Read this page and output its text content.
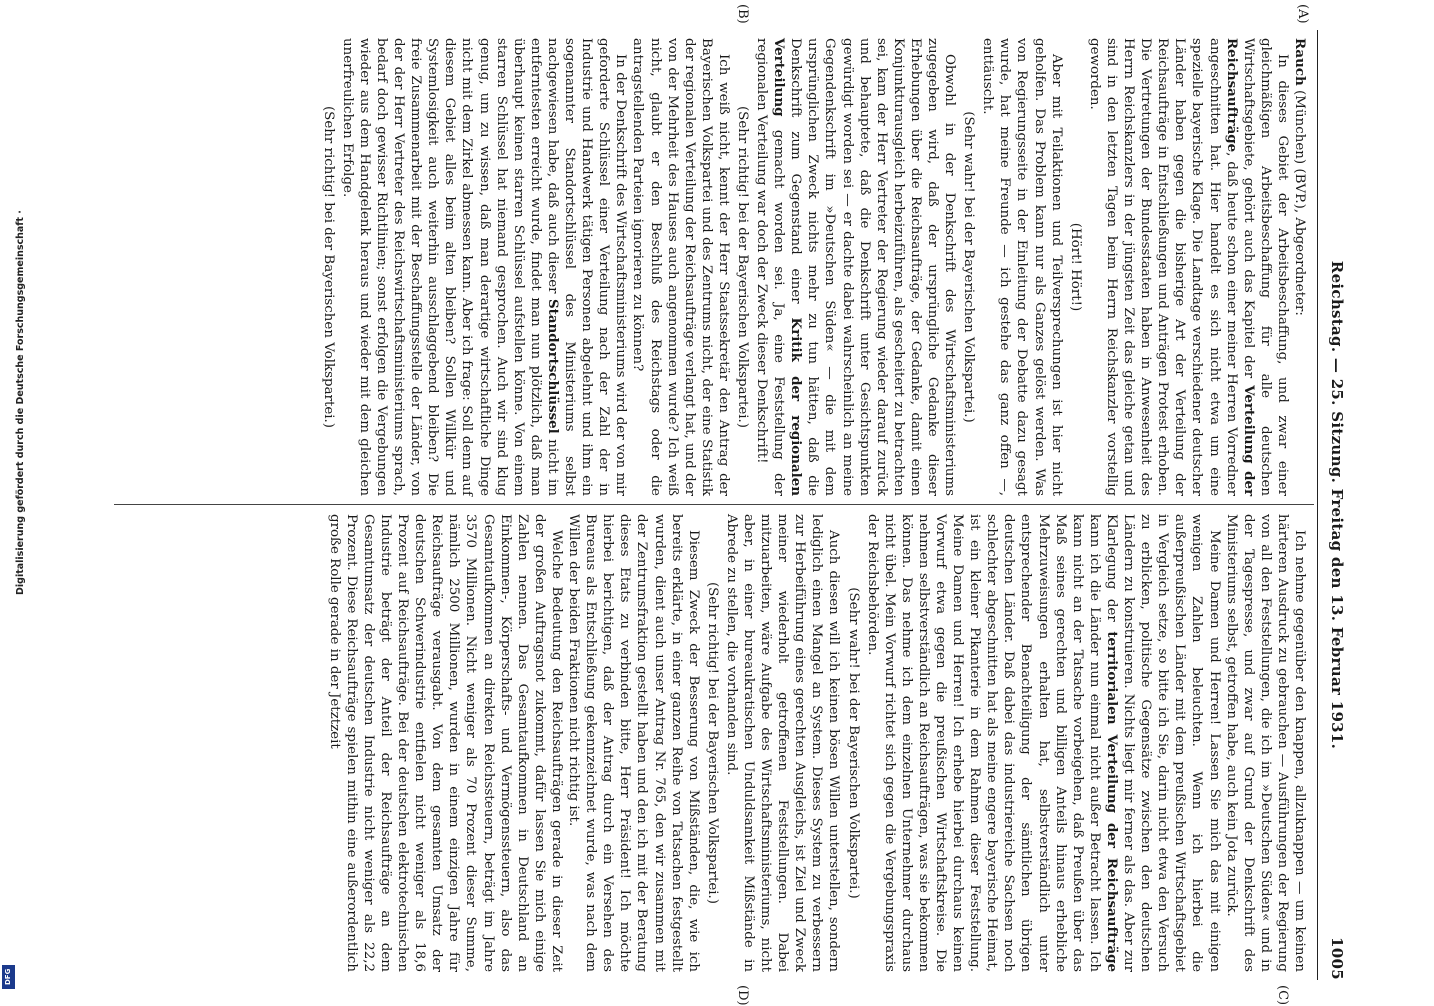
Reichstag. — 25. Sitzung. Freitag den 13. Februar 1931.
1005
(A)
(B)
(C)
(D)

Rauch (München) (BVP.), Abgeordneter:

In dieses Gebiet der Arbeitsbeschaffung, und zwar einer gleichmäßigen Arbeitsbeschaffung für alle deutschen Wirtschaftsgebiete, gehört auch das Kapitel der Verteilung der Reichsaufträge, daß heute schon einer meiner Herren Vorredner angeschnitten hat. Hier handelt es sich nicht etwa um eine spezielle bayerische Klage. Die Landtage verschiedener deutscher Länder haben gegen die bisherige Art der Verteilung der Reichsaufträge in Entschließungen und Anträgen Protest erhoben. Die Vertretungen der Bundesstaaten haben in Anwesenheit des Herrn Reichskanzlers in der jüngsten Zeit das gleiche getan und sind in den letzten Tagen beim Herrn Reichskanzler vorstellig geworden.

(Hört! Hört!)

Aber mit Teilaktionen und Teilversprechungen ist hier nicht geholfen. Das Problem kann nur als Ganzes gelöst werden. Was von Regierungsseite in der Einleitung der Debatte dazu gesagt wurde, hat meine Freunde — ich gestehe das ganz offen —, enttäuscht.

(Sehr wahr! bei der Bayerischen Volkspartei.)

Obwohl in der Denkschrift des Wirtschaftsministeriums zugegeben wird, daß der ursprüngliche Gedanke dieser Erhebungen über die Reichsaufträge, der Gedanke, damit einen Konjunkturausgleich herbeizuführen, als gescheitert zu betrachten sei, kam der Herr Vertreter der Regierung wieder darauf zurück und behauptete, daß die Denkschrift unter Gesichtspunkten gewürdigt worden sei — er dachte dabei wahrscheinlich an meine Gegendenkschrift im »Deutschen Süden« — die mit dem ursprünglichen Zweck nichts mehr zu tun hätten, daß die Denkschrift zum Gegenstand einer Kritik der regionalen Verteilung gemacht worden sei. Ja, eine Feststellung der regionalen Verteilung war doch der Zweck dieser Denkschrift!

(Sehr richtig! bei der Bayerischen Volkspartei.)

Ich weiß nicht, kennt der Herr Staatssekretär den Antrag der Bayerischen Volkspartei und des Zentrums nicht, der eine Statistik der regionalen Verteilung der Reichsaufträge verlangt hat, und der von der Mehrheit des Hauses auch angenommen wurde? Ich weiß nicht, glaubt er den Beschluß des Reichstags oder die antragstellenden Parteien ignorieren zu können?

In der Denkschrift des Wirtschaftsministeriums wird der von mir geforderte Schlüssel einer Verteilung nach der Zahl der in Industrie und Handwerk tätigen Personen abgelehnt und ihm ein sogenannter Standortschlüssel des Ministeriums selbst nachgewiesen habe, daß auch dieser Standortschlüssel nicht im entferntesten erreicht wurde, findet man nun plötzlich, daß man überhaupt keinen starren Schlüssel aufstellen könne. Von einem starren Schlüssel hat niemand gesprochen. Auch wir sind klug genug, um zu wissen, daß man derartige wirtschaftliche Dinge nicht mit dem Zirkel abmessen kann. Aber ich frage: Soll denn auf diesem Gebiet alles beim alten bleiben? Sollen Willkür und Systemlosigkeit auch weiterhin ausschlaggebend bleiben? Die freie Zusammenarbeit mit der Beschaffungsstelle der Länder, von der der Herr Vertreter des Reichswirtschaftsministeriums sprach, bedarf doch gewisser Richtlinien; sonst erfolgen die Vergebungen wieder aus dem Handgelenk heraus und wieder mit dem gleichen unerfreulichen Erfolge.

(Sehr richtig! bei der Bayerischen Volkspartei.)

Ich nehme gegenüber den knappen, allzuknappen — um keinen härteren Ausdruck zu gebrauchen — Ausführungen der Regierung von all den Feststellungen, die ich im »Deutschen Süden« und in der Tagespresse, und zwar auf Grund der Denkschrift des Ministeriums selbst, getroffen habe, auch kein Jota zurück.

Meine Damen und Herren! Lassen Sie mich das mit einigen wenigen Zahlen beleuchten. Wenn ich hierbei die außerpreußischen Länder mit dem preußischen Wirtschaftsgebiet in Vergleich setze, so bitte ich Sie, darin nicht etwa den Versuch zu erblicken, politische Gegensätze zwischen den deutschen Ländern zu konstruieren. Nichts liegt mir ferner als das. Aber zur Klarlegung der territorialen Verteilung der Reichsaufträge kann ich die Länder nun einmal nicht außer Betracht lassen. Ich kann nicht an der Tatsache vorbeigehen, daß Preußen über das Maß seines gerechten und billigen Anteils hinaus erhebliche Mehrzuweisungen erhalten hat, selbstverständlich unter entsprechender Benachteiligung der sämtlichen übrigen deutschen Länder. Daß dabei das industriereiche Sachsen noch schlechter abgeschnitten hat als meine engere bayerische Heimat, ist ein kleiner Pikanterie in dem Rahmen dieser Feststellung. Meine Damen und Herren! Ich erhebe hierbei durchaus keinen Vorwurf etwa gegen die preußischen Wirtschaftskreise. Die nehmen selbstverständlich an Reichsaufträgen, was sie bekommen können. Das nehme ich dem einzelnen Unternehmer durchaus nicht übel. Mein Vorwurf richtet sich gegen die Vergebungspraxis der Reichsbehörden.

(Sehr wahr! bei der Bayerischen Volkspartei.)

Auch diesen will ich keinen bösen Willen unterstellen, sondern lediglich einen Mangel an System. Dieses System zu verbessern zur Herbeiführung eines gerechten Ausgleichs, ist Ziel und Zweck meiner wiederholt getroffenen Feststellungen. Dabei mitzuarbeiten, wäre Aufgabe des Wirtschaftsministeriums, nicht aber, in einer bureaukratischen Unduldsamkeit Mißstände in Abrede zu stellen, die vorhanden sind.

(Sehr richtig! bei der Bayerischen Volkspartei.)

Diesem Zweck der Besserung von Mißständen, die, wie ich bereits erklärte, in einer ganzen Reihe von Tatsachen festgestellt wurden, dient auch unser Antrag Nr. 765, den wir zusammen mit der Zentrumsfraktion gestellt haben und den ich mit der Beratung dieses Etats zu verbinden bitte, Herr Präsident! Ich möchte hierbei berichtigen, daß der Antrag durch ein Versehen des Bureaus als Entschließung gekennzeichnet wurde, was nach dem Willen der beiden Fraktionen nicht richtig ist.

Welche Bedeutung den Reichsaufträgen gerade in dieser Zeit der großen Auftragsnot zukommt, dafür lassen Sie mich einige Zahlen nennen. Das Gesamtaufkommen in Deutschland an Einkommen-, Körperschafts- und Vermögenssteuern, also das Gesamtaufkommen an direkten Reichssteuern, beträgt im Jahre 3570 Millionen. Nicht weniger als 70 Prozent dieser Summe, nämlich 2500 Millionen, wurden in einem einzigen Jahre für Reichsaufträge verausgabt. Von dem gesamten Umsatz der deutschen Schwerindustrie entfielen nicht weniger als 18,6 Prozent auf Reichsaufträge. Bei der deutschen elektrotechnischen Industrie beträgt der Anteil der Reichsaufträge an dem Gesamtumsatz der deutschen Industrie nicht weniger als 22,2 Prozent. Diese Reichsaufträge spielen mithin eine außerordentlich große Rolle gerade in der Jetztzeit

Digitalisierung gefördert durch die Deutsche Forschungsgemeinschaft ·
DFG
